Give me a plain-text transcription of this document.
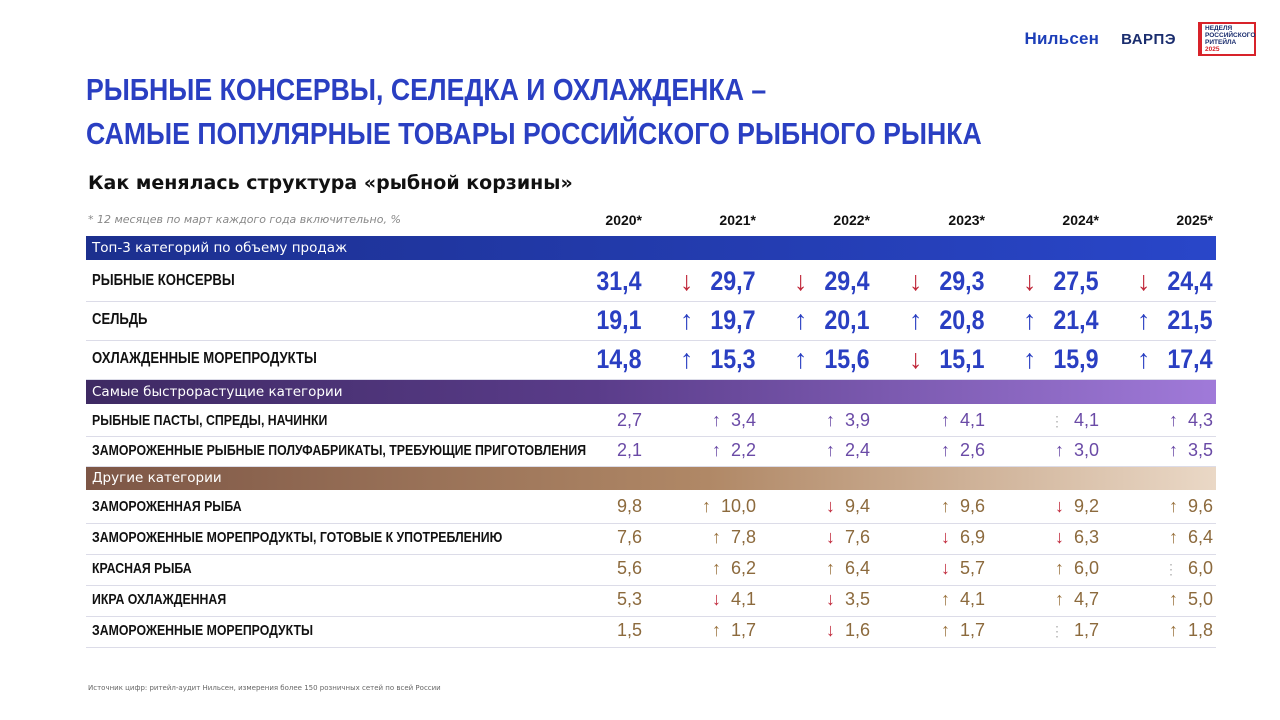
Нильсен ВАРПЭ
НЕДЕЛЯ
РОССИЙСКОГО
РИТЕЙЛА 2025
РЫБНЫЕ КОНСЕРВЫ, СЕЛЕДКА И ОХЛАЖДЕНКА –
САМЫЕ ПОПУЛЯРНЫЕ ТОВАРЫ РОССИЙСКОГО РЫБНОГО РЫНКА
Как менялась структура «рыбной корзины»
* 12 месяцев по март каждого года включительно, %	2020*	2021*	2022*	2023*	2024*	2025*
Топ-3 категорий по объему продаж
Самые быстрорастущие категории
Другие категории
РЫБНЫЕ КОНСЕРВЫ	31,4	↓ 29,7	↓ 29,4	↓ 29,3	↓ 27,5	↓ 24,4
СЕЛЬДЬ	19,1	↑ 19,7	↑ 20,1	↑ 20,8	↑ 21,4	↑ 21,5
ОХЛАЖДЕННЫЕ МОРЕПРОДУКТЫ	14,8	↑ 15,3	↑ 15,6	↓ 15,1	↑ 15,9	↑ 17,4
РЫБНЫЕ ПАСТЫ, СПРЕДЫ, НАЧИНКИ	2,7	↑ 3,4	↑ 3,9	↑ 4,1	⋮ 4,1	↑ 4,3
ЗАМОРОЖЕННЫЕ РЫБНЫЕ ПОЛУФАБРИКАТЫ, ТРЕБУЮЩИЕ ПРИГОТОВЛЕНИЯ	2,1	↑ 2,2	↑ 2,4	↑ 2,6	↑ 3,0	↑ 3,5
ЗАМОРОЖЕННАЯ РЫБА	9,8	↑ 10,0	↓ 9,4	↑ 9,6	↓ 9,2	↑ 9,6
ЗАМОРОЖЕННЫЕ МОРЕПРОДУКТЫ, ГОТОВЫЕ К УПОТРЕБЛЕНИЮ	7,6	↑ 7,8	↓ 7,6	↓ 6,9	↓ 6,3	↑ 6,4
КРАСНАЯ РЫБА	5,6	↑ 6,2	↑ 6,4	↓ 5,7	↑ 6,0	⋮ 6,0
ИКРА ОХЛАЖДЕННАЯ	5,3	↓ 4,1	↓ 3,5	↑ 4,1	↑ 4,7	↑ 5,0
ЗАМОРОЖЕННЫЕ МОРЕПРОДУКТЫ	1,5	↑ 1,7	↓ 1,6	↑ 1,7	⋮ 1,7	↑ 1,8
Источник цифр: ритейл-аудит Нильсен, измерения более 150 розничных сетей по всей России
